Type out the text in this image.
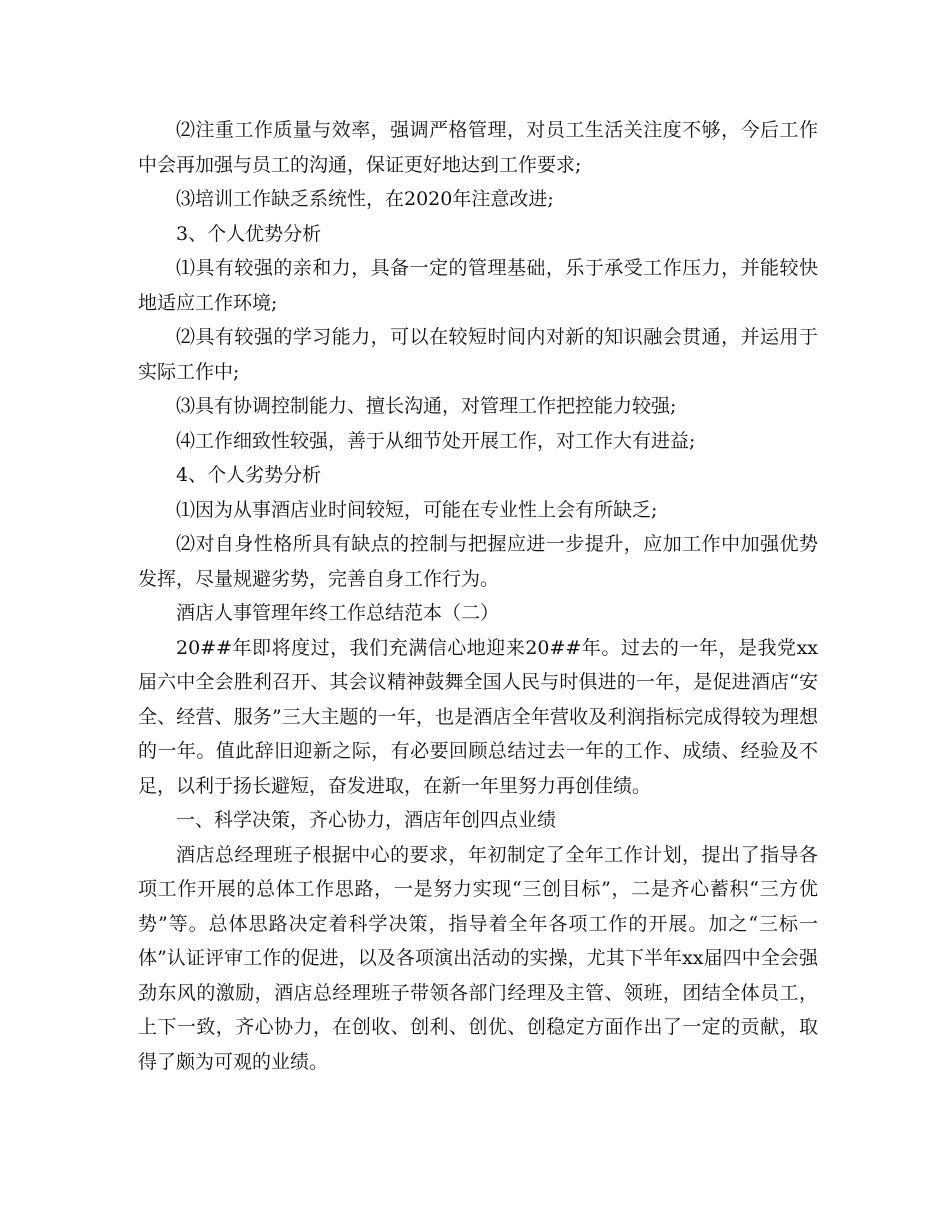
⑵注重工作质量与效率，强调严格管理，对员工生活关注度不够，今后工作中会再加强与员工的沟通，保证更好地达到工作要求;

⑶培训工作缺乏系统性，在2020年注意改进;

3、个人优势分析

⑴具有较强的亲和力，具备一定的管理基础，乐于承受工作压力，并能较快地适应工作环境;

⑵具有较强的学习能力，可以在较短时间内对新的知识融会贯通，并运用于实际工作中;

⑶具有协调控制能力、擅长沟通，对管理工作把控能力较强;

⑷工作细致性较强，善于从细节处开展工作，对工作大有进益;

4、个人劣势分析

⑴因为从事酒店业时间较短，可能在专业性上会有所缺乏;

⑵对自身性格所具有缺点的控制与把握应进一步提升，应加工作中加强优势发挥，尽量规避劣势，完善自身工作行为。

酒店人事管理年终工作总结范本（二）

20##年即将度过，我们充满信心地迎来20##年。过去的一年，是我党xx届六中全会胜利召开、其会议精神鼓舞全国人民与时俱进的一年，是促进酒店“安全、经营、服务”三大主题的一年，也是酒店全年营收及利润指标完成得较为理想的一年。值此辞旧迎新之际，有必要回顾总结过去一年的工作、成绩、经验及不足，以利于扬长避短，奋发进取，在新一年里努力再创佳绩。

一、科学决策，齐心协力，酒店年创四点业绩

酒店总经理班子根据中心的要求，年初制定了全年工作计划，提出了指导各项工作开展的总体工作思路，一是努力实现“三创目标”，二是齐心蓄积“三方优势”等。总体思路决定着科学决策，指导着全年各项工作的开展。加之“三标一体”认证评审工作的促进，以及各项演出活动的实操，尤其下半年xx届四中全会强劲东风的激励，酒店总经理班子带领各部门经理及主管、领班，团结全体员工，上下一致，齐心协力，在创收、创利、创优、创稳定方面作出了一定的贡献，取得了颇为可观的业绩。
